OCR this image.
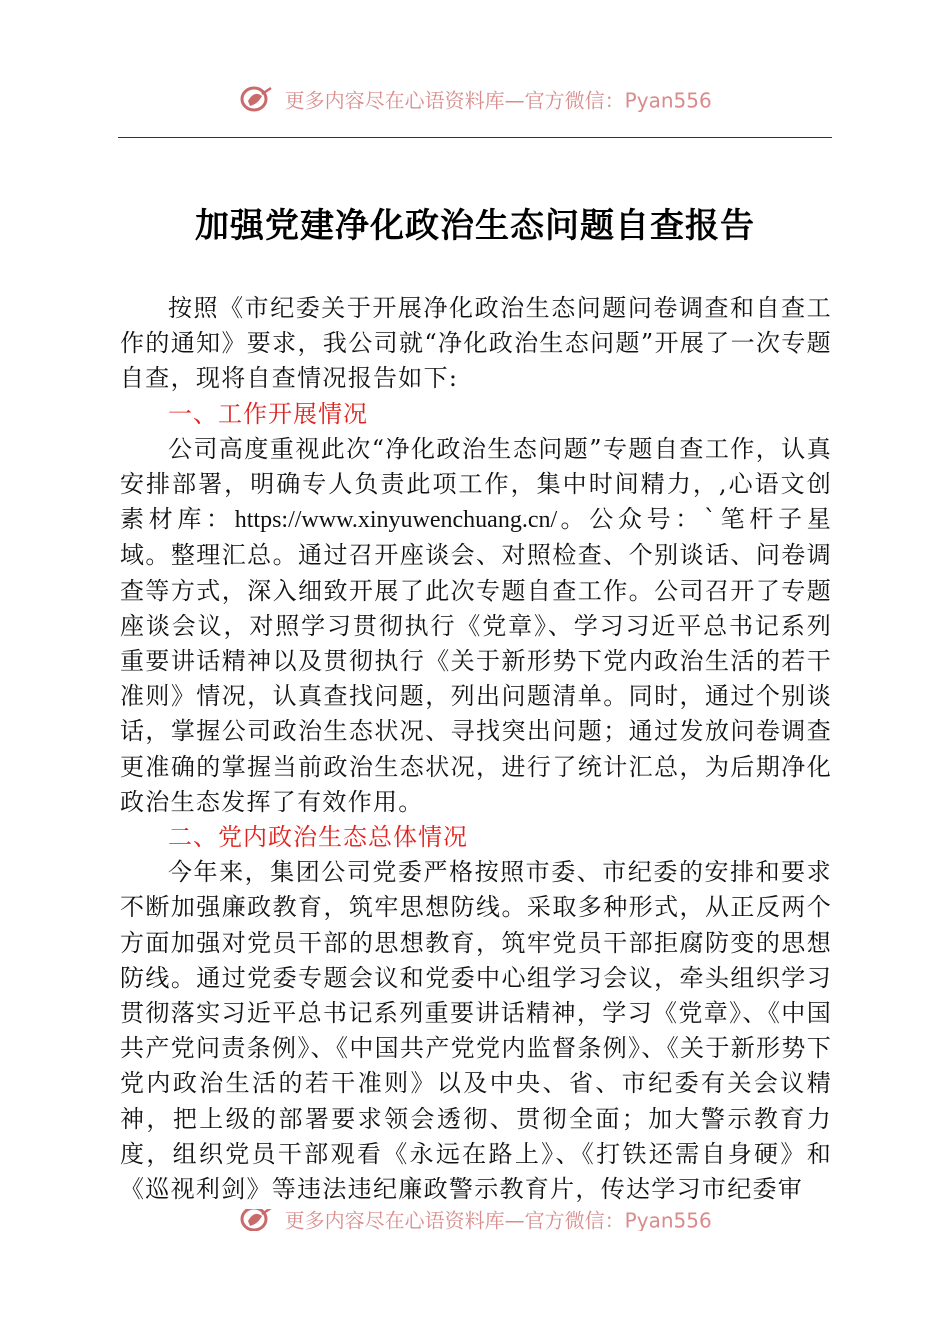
更多内容尽在心语资料库—官方微信：Pyan556
加强党建净化政治生态问题自查报告

按照《市纪委关于开展净化政治生态问题问卷调查和自查工作的通知》要求，我公司就“净化政治生态问题”开展了一次专题自查，现将自查情况报告如下:

一、工作开展情况

公司高度重视此次“净化政治生态问题”专题自查工作，认真安排部署，明确专人负责此项工作，集中时间精力，,心语文创素材库：https://www.xinyuwenchuang.cn/。公众号：`笔杆子星域。整理汇总。通过召开座谈会、对照检查、个别谈话、问卷调查等方式，深入细致开展了此次专题自查工作。公司召开了专题座谈会议，对照学习贯彻执行《党章》、学习习近平总书记系列重要讲话精神以及贯彻执行《关于新形势下党内政治生活的若干准则》情况，认真查找问题，列出问题清单。同时，通过个别谈话，掌握公司政治生态状况、寻找突出问题；通过发放问卷调查更准确的掌握当前政治生态状况，进行了统计汇总，为后期净化政治生态发挥了有效作用。

二、党内政治生态总体情况

今年来，集团公司党委严格按照市委、市纪委的安排和要求不断加强廉政教育，筑牢思想防线。采取多种形式，从正反两个方面加强对党员干部的思想教育，筑牢党员干部拒腐防变的思想防线。通过党委专题会议和党委中心组学习会议，牵头组织学习贯彻落实习近平总书记系列重要讲话精神，学习《党章》、《中国共产党问责条例》、《中国共产党党内监督条例》、《关于新形势下党内政治生活的若干准则》以及中央、省、市纪委有关会议精神，把上级的部署要求领会透彻、贯彻全面；加大警示教育力度，组织党员干部观看《永远在路上》、《打铁还需自身硬》和《巡视利剑》等违法违纪廉政警示教育片，传达学习市纪委审

更多内容尽在心语资料库—官方微信：Pyan556
